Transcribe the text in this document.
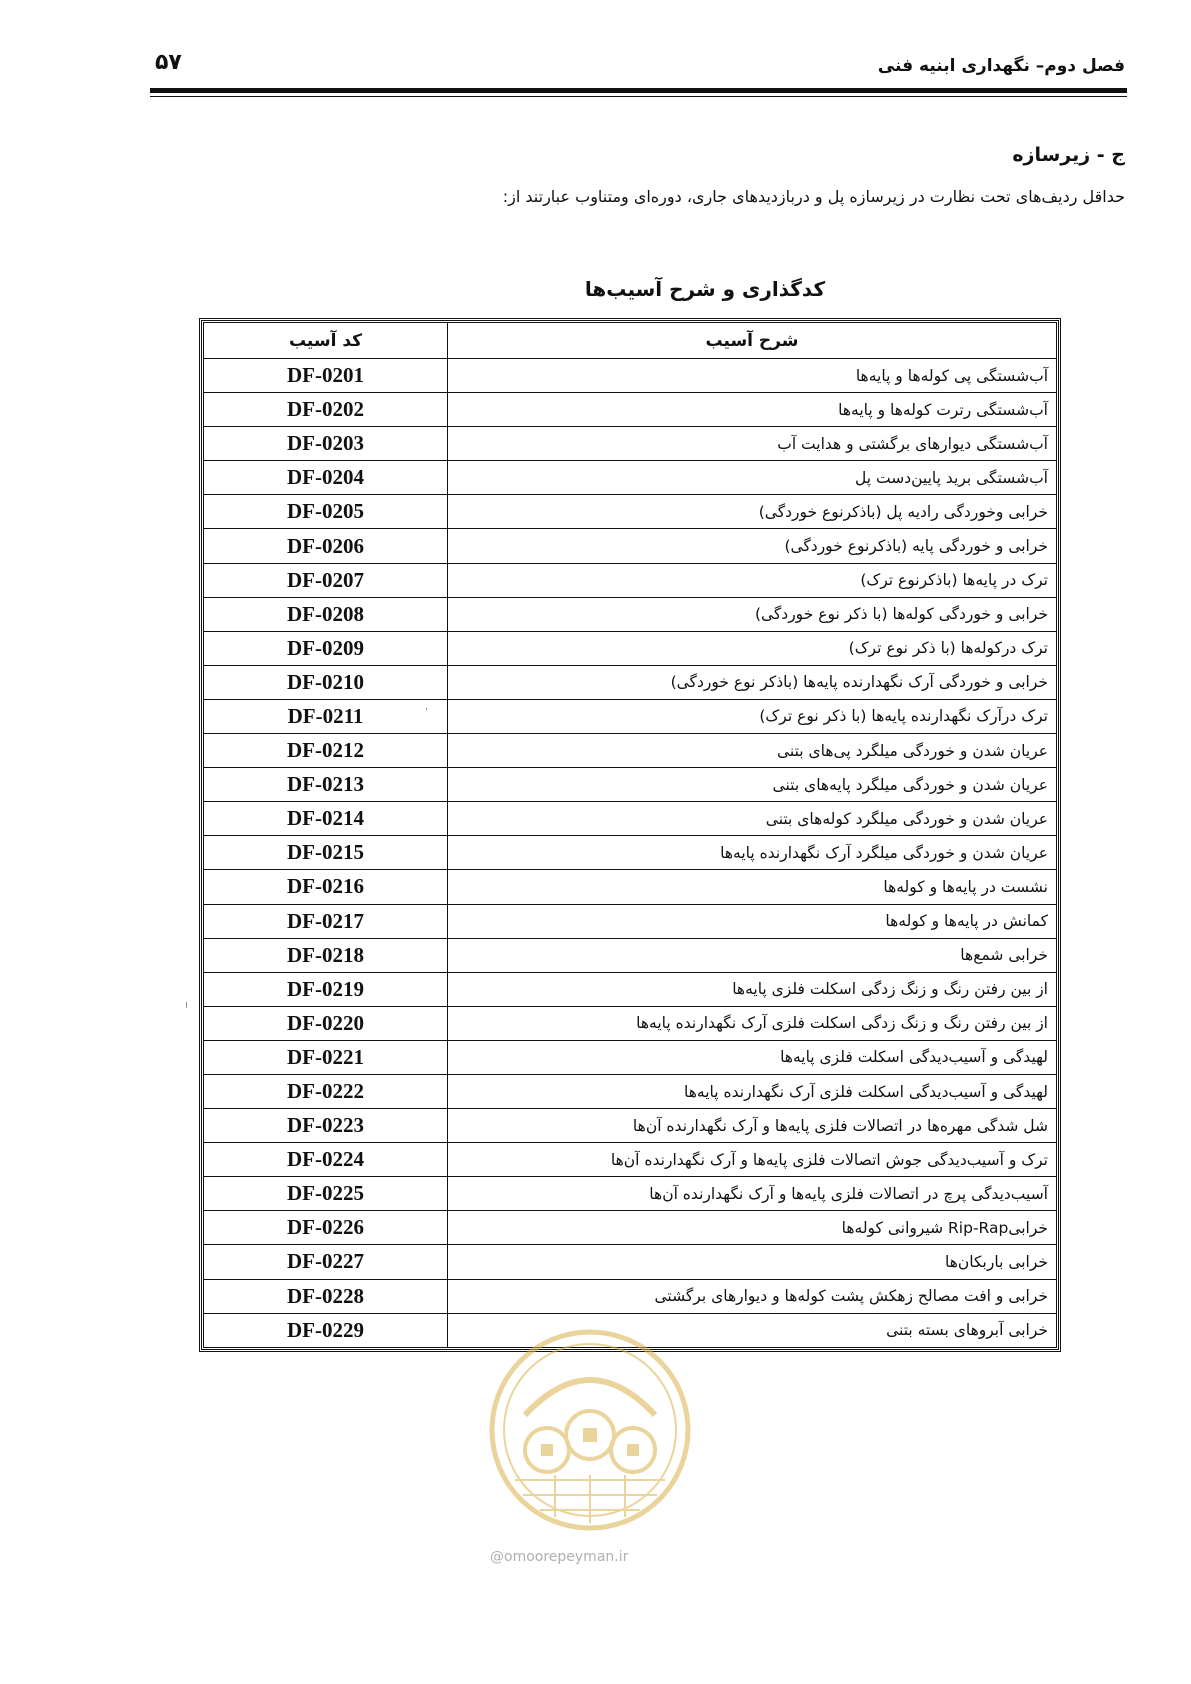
۵۷	فصل دوم– نگهداری ابنیه فنی
ج - زیرسازه
حداقل ردیف‌های تحت نظارت در زیرسازه پل و دربازدیدهای جاری، دوره‌ای ومتناوب عبارتند از:
کدگذاری و شرح آسیب‌ها
کد آسیب	شرح آسیب
DF-0201	آب‌شستگی پی کوله‌ها و پایه‌ها
DF-0202	آب‌شستگی رترت کوله‌ها و پایه‌ها
DF-0203	آب‌شستگی دیوارهای برگشتی و هدایت آب
DF-0204	آب‌شستگی برید پایین‌دست پل
DF-0205	خرابی وخوردگی رادیه پل (باذکرنوع خوردگی)
DF-0206	خرابی و خوردگی پایه (باذکرنوع خوردگی)
DF-0207	ترک در پایه‌ها (باذکرنوع ترک)
DF-0208	خرابی و خوردگی کوله‌ها (با ذکر نوع خوردگی)
DF-0209	ترک درکوله‌ها (با ذکر نوع ترک)
DF-0210	خرابی و خوردگی آرک نگهدارنده پایه‌ها (باذکر نوع خوردگی)
DF-0211	ترک درآرک نگهدارنده پایه‌ها (با ذکر نوع ترک)
DF-0212	عریان شدن و خوردگی میلگرد پی‌های بتنی
DF-0213	عریان شدن و خوردگی میلگرد پایه‌های بتنی
DF-0214	عریان شدن و خوردگی میلگرد کوله‌های بتنی
DF-0215	عریان شدن و خوردگی میلگرد آرک نگهدارنده پایه‌ها
DF-0216	نشست در پایه‌ها و کوله‌ها
DF-0217	کمانش در پایه‌ها و کوله‌ها
DF-0218	خرابی شمع‌ها
DF-0219	از بین رفتن رنگ و زنگ زدگی اسکلت فلزی پایه‌ها
DF-0220	از بین رفتن رنگ و زنگ زدگی اسکلت فلزی آرک نگهدارنده پایه‌ها
DF-0221	لهیدگی و آسیب‌دیدگی اسکلت فلزی پایه‌ها
DF-0222	لهیدگی و آسیب‌دیدگی اسکلت فلزی آرک نگهدارنده پایه‌ها
DF-0223	شل شدگی مهره‌ها در اتصالات فلزی پایه‌ها و آرک نگهدارنده آن‌ها
DF-0224	ترک و آسیب‌دیدگی جوش اتصالات فلزی پایه‌ها و آرک نگهدارنده آن‌ها
DF-0225	آسیب‌دیدگی پرچ در اتصالات فلزی پایه‌ها و آرک نگهدارنده آن‌ها
DF-0226	خرابیRip-Rap شیروانی کوله‌ها
DF-0227	خرابی باربکان‌ها
DF-0228	خرابی و افت مصالح زهکش پشت کوله‌ها و دیوارهای برگشتی
DF-0229	خرابی آبروهای بسته بتنی
@omoorepeyman.ir
